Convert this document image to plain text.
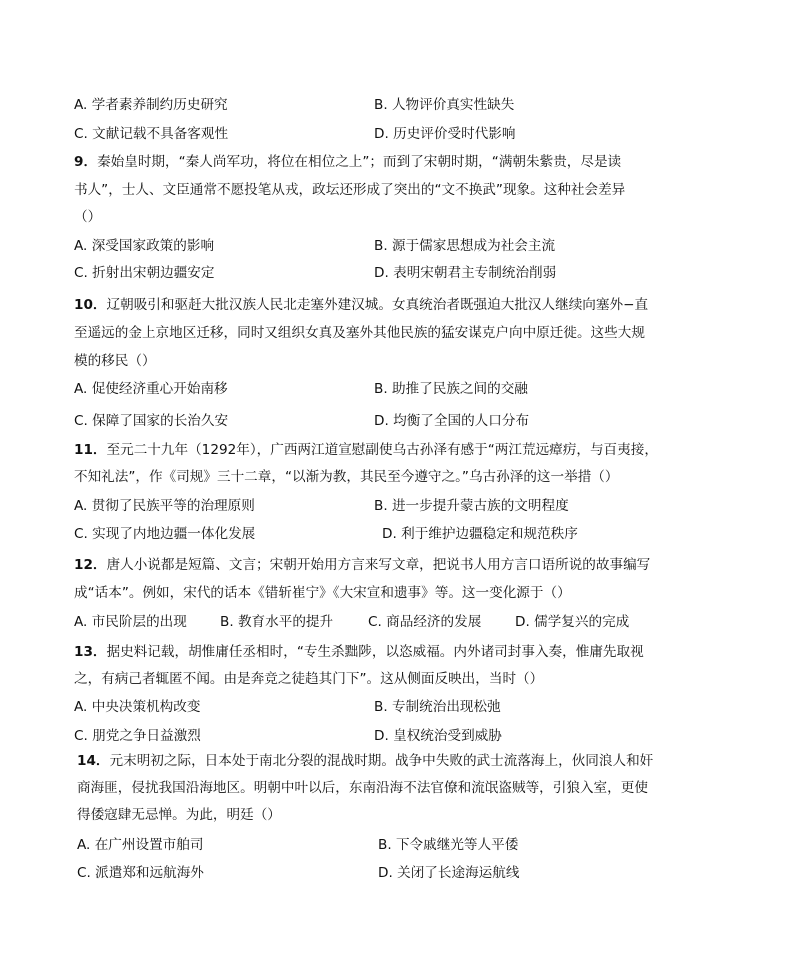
A. 学者素养制约历史研究	B. 人物评价真实性缺失
C. 文献记载不具备客观性	D. 历史评价受时代影响
9．秦始皇时期，“秦人尚军功，将位在相位之上”；而到了宋朝时期，“满朝朱紫贵，尽是读
书人”，士人、文臣通常不愿投笔从戎，政坛还形成了突出的“文不换武”现象。这种社会差异
（）
A. 深受国家政策的影响	B. 源于儒家思想成为社会主流
C. 折射出宋朝边疆安定	D. 表明宋朝君主专制统治削弱
10．辽朝吸引和驱赶大批汉族人民北走塞外建汉城。女真统治者既强迫大批汉人继续向塞外−直
至遥远的金上京地区迁移，同时又组织女真及塞外其他民族的猛安谋克户向中原迁徙。这些大规
模的移民（）
A. 促使经济重心开始南移	B. 助推了民族之间的交融
C. 保障了国家的长治久安	D. 均衡了全国的人口分布
11．至元二十九年（1292年），广西两江道宣慰副使乌古孙泽有感于“两江荒远瘴疠，与百夷接，
不知礼法”，作《司规》三十二章，“以渐为教，其民至今遵守之。”乌古孙泽的这一举措（）
A. 贯彻了民族平等的治理原则	B. 进一步提升蒙古族的文明程度
C. 实现了内地边疆一体化发展	D. 利于维护边疆稳定和规范秩序
12．唐人小说都是短篇、文言；宋朝开始用方言来写文章，把说书人用方言口语所说的故事编写
成“话本”。例如，宋代的话本《错斩崔宁》《大宋宣和遗事》等。这一变化源于（）
A. 市民阶层的出现 B. 教育水平的提升	C. 商品经济的发展 D. 儒学复兴的完成
13．据史料记载，胡惟庸任丞相时，“专生杀黜陟，以恣威福。内外诸司封事入奏，惟庸先取视
之，有病己者辄匿不闻。由是奔竞之徒趋其门下”。这从侧面反映出，当时（）
A. 中央决策机构改变	B. 专制统治出现松弛
C. 朋党之争日益激烈	D. 皇权统治受到威胁
14．元末明初之际，日本处于南北分裂的混战时期。战争中失败的武士流落海上，伙同浪人和奸
商海匪，侵扰我国沿海地区。明朝中叶以后，东南沿海不法官僚和流氓盗贼等，引狼入室，更使
得倭寇肆无忌惮。为此，明廷（）
A. 在广州设置市舶司	B. 下令戚继光等人平倭
C. 派遣郑和远航海外	D. 关闭了长途海运航线
